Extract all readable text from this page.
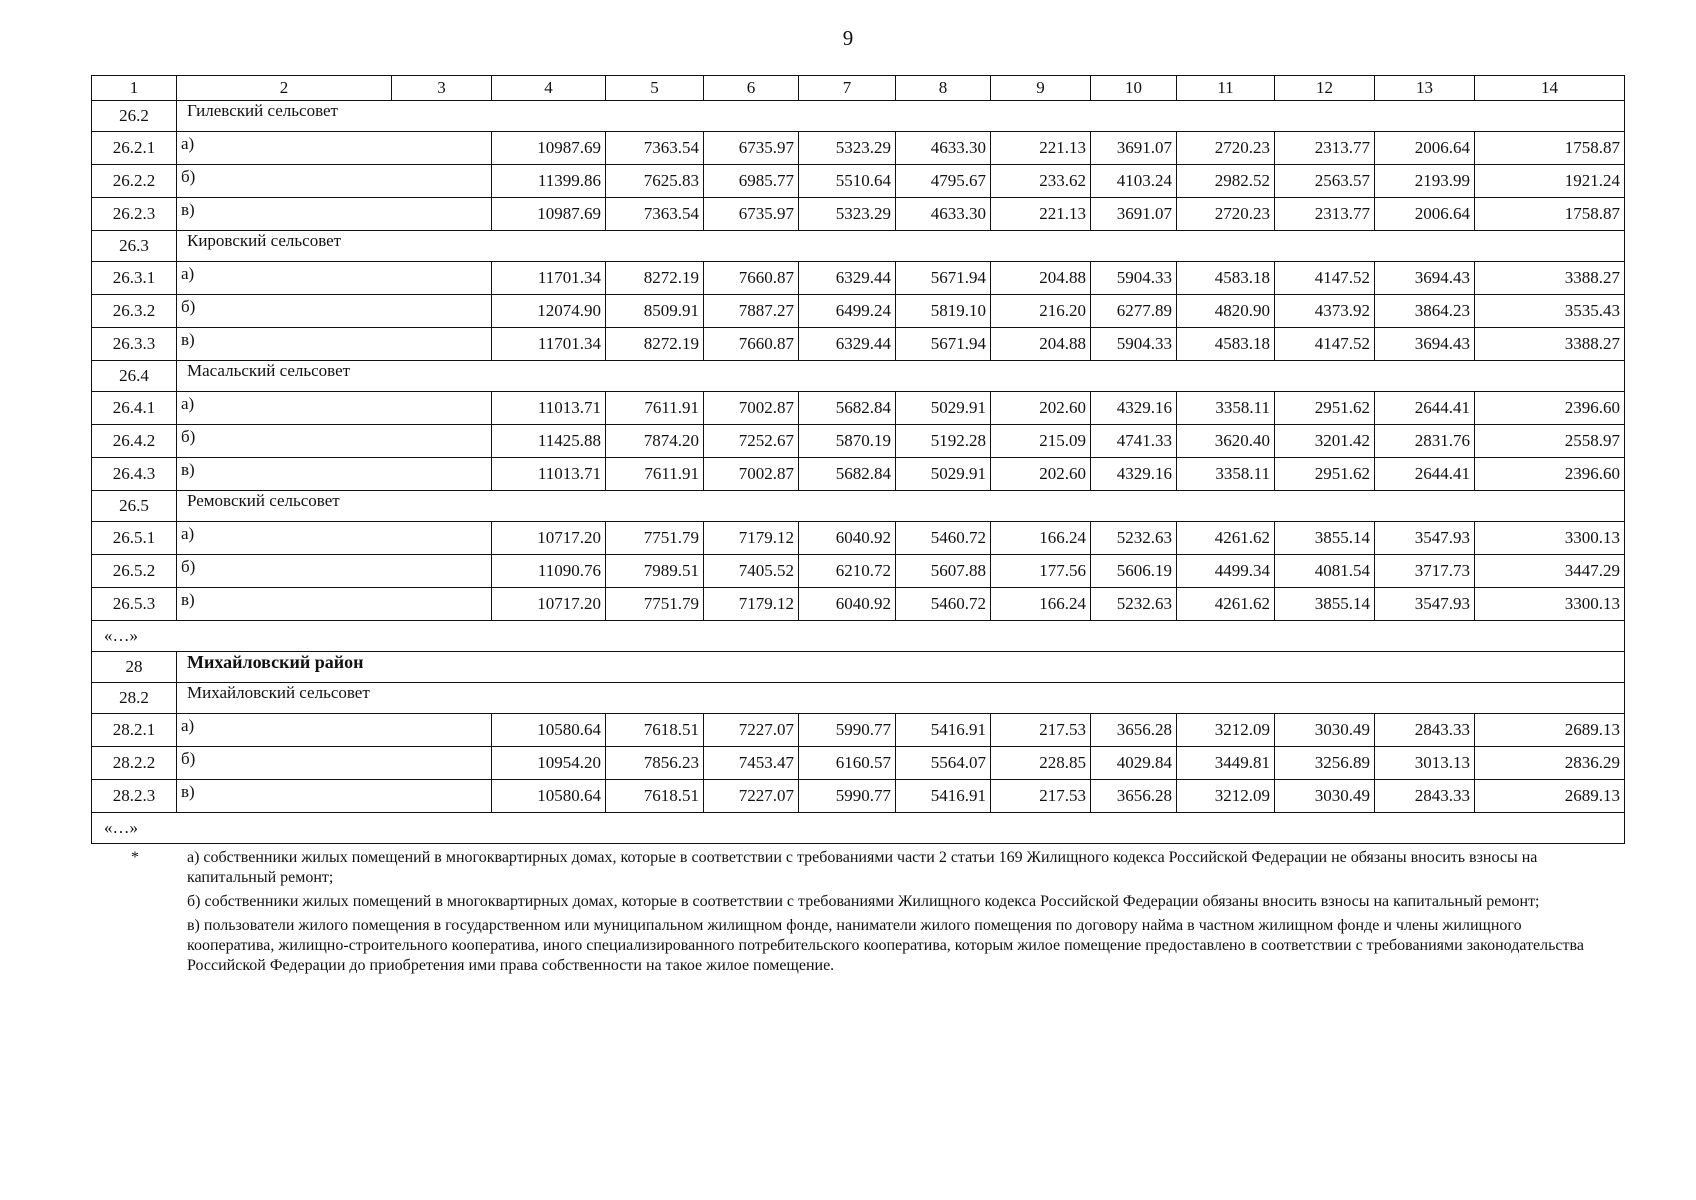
9
1	2	3	4	5	6	7	8	9	10	11	12	13	14	
26.2	Гилевский сельсовет													
26.2.1	а)		10987.69	7363.54	6735.97	5323.29	4633.30	221.13	3691.07	2720.23	2313.77	2006.64	1758.87	
26.2.2	б)		11399.86	7625.83	6985.77	5510.64	4795.67	233.62	4103.24	2982.52	2563.57	2193.99	1921.24	
26.2.3	в)		10987.69	7363.54	6735.97	5323.29	4633.30	221.13	3691.07	2720.23	2313.77	2006.64	1758.87	
26.3	Кировский сельсовет													
26.3.1	а)		11701.34	8272.19	7660.87	6329.44	5671.94	204.88	5904.33	4583.18	4147.52	3694.43	3388.27	
26.3.2	б)		12074.90	8509.91	7887.27	6499.24	5819.10	216.20	6277.89	4820.90	4373.92	3864.23	3535.43	
26.3.3	в)		11701.34	8272.19	7660.87	6329.44	5671.94	204.88	5904.33	4583.18	4147.52	3694.43	3388.27	
26.4	Масальский сельсовет													
26.4.1	а)		11013.71	7611.91	7002.87	5682.84	5029.91	202.60	4329.16	3358.11	2951.62	2644.41	2396.60	
26.4.2	б)		11425.88	7874.20	7252.67	5870.19	5192.28	215.09	4741.33	3620.40	3201.42	2831.76	2558.97	
26.4.3	в)		11013.71	7611.91	7002.87	5682.84	5029.91	202.60	4329.16	3358.11	2951.62	2644.41	2396.60	
26.5	Ремовский сельсовет													
26.5.1	а)		10717.20	7751.79	7179.12	6040.92	5460.72	166.24	5232.63	4261.62	3855.14	3547.93	3300.13	
26.5.2	б)		11090.76	7989.51	7405.52	6210.72	5607.88	177.56	5606.19	4499.34	4081.54	3717.73	3447.29	
26.5.3	в)		10717.20	7751.79	7179.12	6040.92	5460.72	166.24	5232.63	4261.62	3855.14	3547.93	3300.13	
«…»														
28	Михайловский район													
28.2	Михайловский сельсовет													
28.2.1	а)		10580.64	7618.51	7227.07	5990.77	5416.91	217.53	3656.28	3212.09	3030.49	2843.33	2689.13	
28.2.2	б)		10954.20	7856.23	7453.47	6160.57	5564.07	228.85	4029.84	3449.81	3256.89	3013.13	2836.29	
28.2.3	в)		10580.64	7618.51	7227.07	5990.77	5416.91	217.53	3656.28	3212.09	3030.49	2843.33	2689.13	
«…»														
*	а) собственники жилых помещений в многоквартирных домах, которые в соответствии с требованиями части 2 статьи 169 Жилищного кодекса Российской Федерации не обязаны вносить взносы на капитальный ремонт;

б) собственники жилых помещений в многоквартирных домах, которые в соответствии с требованиями Жилищного кодекса Российской Федерации обязаны вносить взносы на капитальный ремонт;

в) пользователи жилого помещения в государственном или муниципальном жилищном фонде, наниматели жилого помещения по договору найма в частном жилищном фонде и члены жилищного кооператива, жилищно-строительного кооператива, иного специализированного потребительского кооператива, которым жилое помещение предоставлено в соответствии с требованиями законодательства Российской Федерации до приобретения ими права собственности на такое жилое помещение.
